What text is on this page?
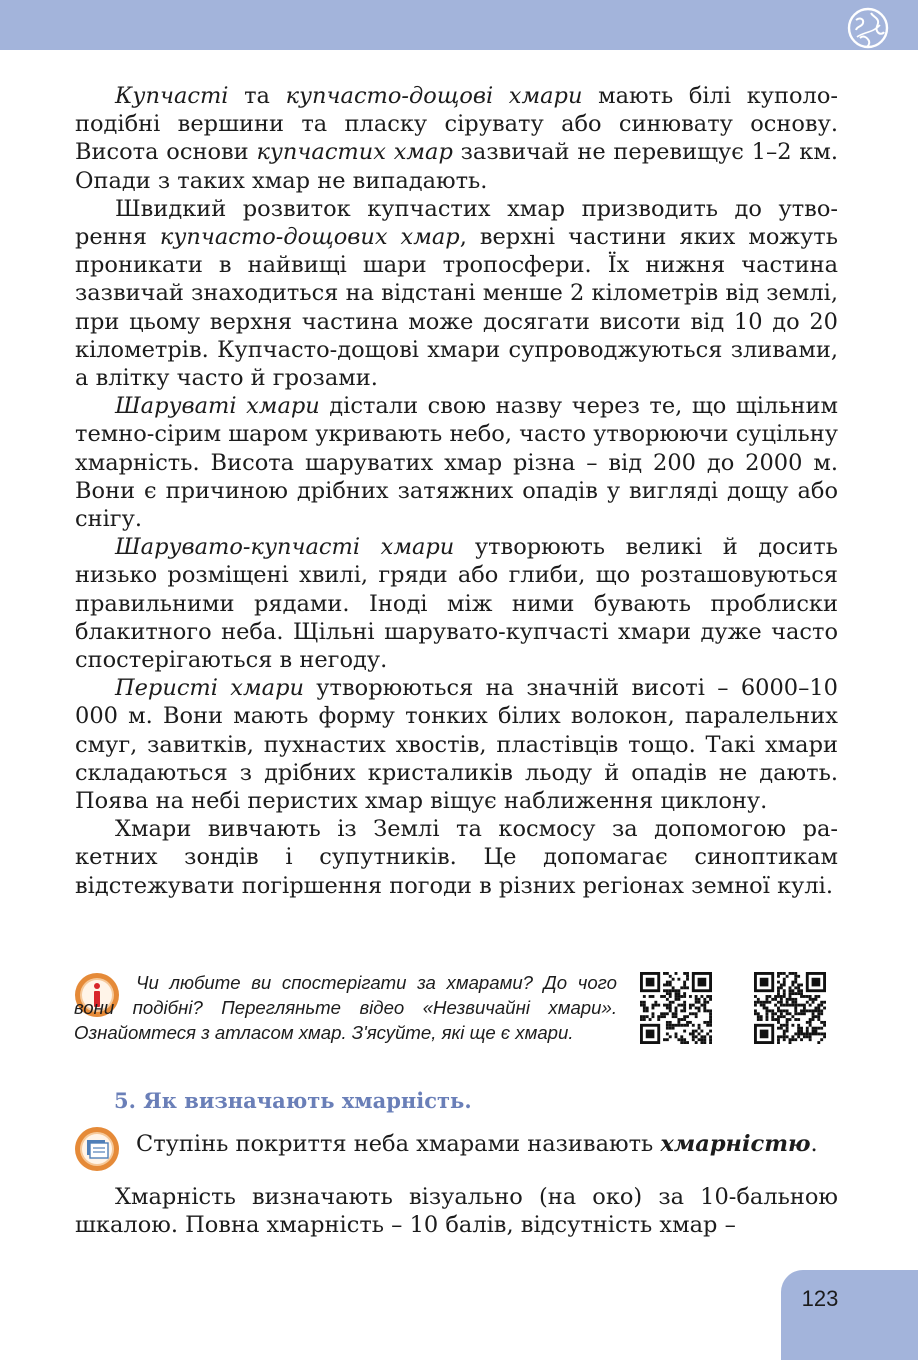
Купчасті та купчасто-дощові хмари мають білі куполоподібні вершини та пласку сірувату або синювату основу. Висота основи купчастих хмар зазвичай не перевищує 1–2 км. Опади з таких хмар не випадають.

Швидкий розвиток купчастих хмар призводить до утворення купчасто-дощових хмар, верхні частини яких можуть проникати в найвищі шари тропосфери. Їх нижня частина зазвичай знаходиться на відстані менше 2 кілометрів від землі, при цьому верхня частина може досягати висоти від 10 до 20 кілометрів. Купчасто-дощові хмари супроводжуються зливами, а влітку часто й грозами.

Шаруваті хмари дістали свою назву через те, що щільним темно-сірим шаром укривають небо, часто утворюючи суцільну хмарність. Висота шаруватих хмар різна – від 200 до 2000 м. Вони є причиною дрібних затяжних опадів у вигляді дощу або снігу.

Шарувато-купчасті хмари утворюють великі й досить низько розміщені хвилі, гряди або глиби, що розташовуються правильними рядами. Іноді між ними бувають проблиски блакитного неба. Щільні шарувато-купчасті хмари дуже часто спостерігаються в негоду.

Перисті хмари утворюються на значній висоті – 6000–10 000 м. Вони мають форму тонких білих волокон, паралельних смуг, завитків, пухнастих хвостів, пластівців тощо. Такі хмари складаються з дрібних кристаликів льоду й опадів не дають. Поява на небі перистих хмар віщує наближення циклону.

Хмари вивчають із Землі та космосу за допомогою ракетних зондів і супутників. Це допомагає синоптикам відстежувати погіршення погоди в різних регіонах земної кулі.

Чи любите ви спостерігати за хмарами? До чого вони подібні? Перегляньте відео «Незвичайні хмари». Ознайомтеся з атласом хмар. З'ясуйте, які ще є хмари.

5. Як визначають хмарність.

Ступінь покриття неба хмарами називають хмарністю.

Хмарність визначають візуально (на око) за 10-бальною шкалою. Повна хмарність – 10 балів, відсутність хмар –

123
